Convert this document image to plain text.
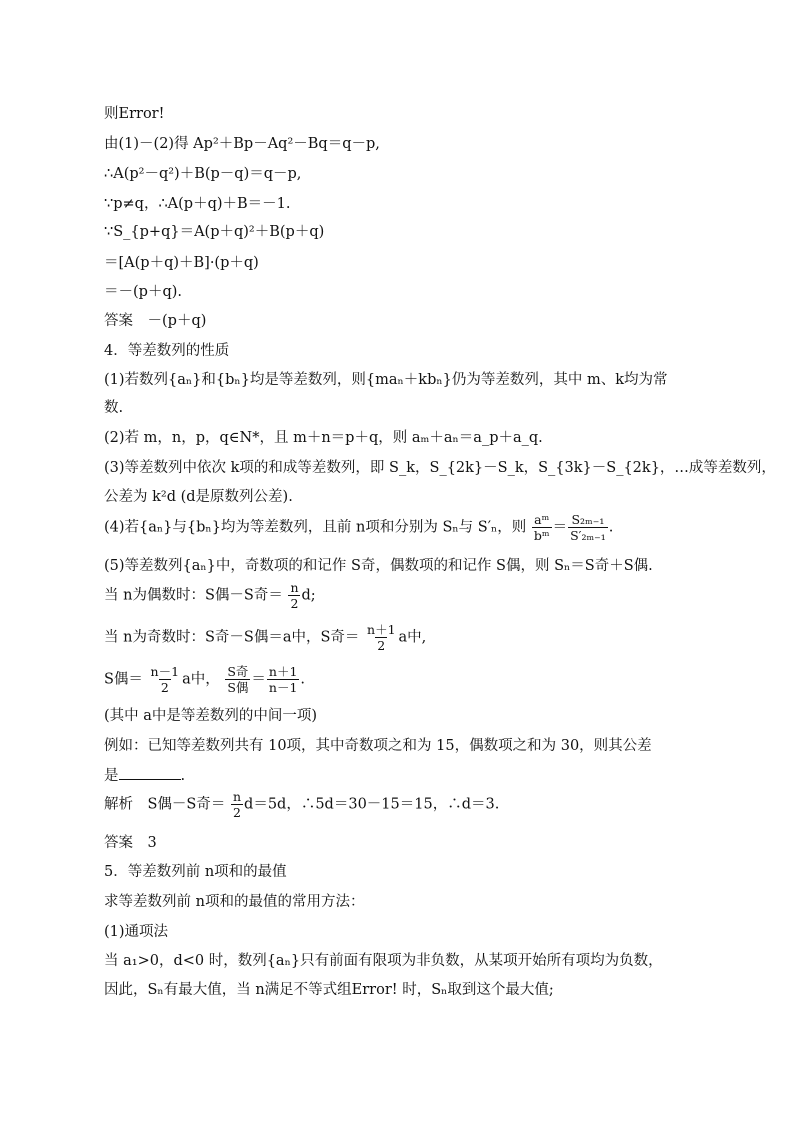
则Error!
由(1)－(2)得 Ap²＋Bp－Aq²－Bq＝q－p,
∴A(p²－q²)＋B(p－q)＝q－p,
∵p≠q，∴A(p＋q)＋B＝－1.
∵S_{p+q}＝A(p＋q)²＋B(p＋q)
＝[A(p＋q)＋B]·(p＋q)
＝－(p＋q).
答案　－(p＋q)
4．等差数列的性质
(1)若数列{aₙ}和{bₙ}均是等差数列，则{maₙ＋kbₙ}仍为等差数列，其中 m、k均为常
数.
(2)若 m，n，p，q∈N*，且 m＋n＝p＋q，则 aₘ＋aₙ＝a_p＋a_q.
(3)等差数列中依次 k项的和成等差数列，即 S_k，S_{2k}－S_k，S_{3k}－S_{2k}，…成等差数列，
公差为 k²d (d是原数列公差).
(4)若{aₙ}与{bₙ}均为等差数列，且前 n项和分别为 Sₙ与 S′ₙ，则 $\frac{\text{aᵐ}}{\text{bᵐ}} = \frac{\text{S₂ₘ₋₁}}{\text{S′₂ₘ₋₁}}$ .
(5)等差数列{aₙ}中，奇数项的和记作 S奇，偶数项的和记作 S偶，则 Sₙ＝S奇＋S偶.
当 n为偶数时：S偶－S奇＝ $\frac{n}{2} d$;
当 n为奇数时：S奇－S偶＝a中，S奇＝ $\frac{n+1}{2}$ a中,
S偶＝ $\frac{n-1}{2}$ a中， $\frac{\text{S奇}}{\text{S偶}} = \frac{n+1}{n-1}$ .
(其中 a中是等差数列的中间一项)
例如：已知等差数列共有 10项，其中奇数项之和为 15，偶数项之和为 30，则其公差
是	.
解析　S偶－S奇＝ $\frac{n}{2} d=5d$，∴5d＝30－15＝15，∴d＝3.
答案　3
5．等差数列前 n项和的最值
求等差数列前 n项和的最值的常用方法：
(1)通项法
当 a₁>0，d<0 时，数列{aₙ}只有前面有限项为非负数，从某项开始所有项均为负数，
因此，Sₙ有最大值，当 n满足不等式组Error! 时，Sₙ取到这个最大值;
